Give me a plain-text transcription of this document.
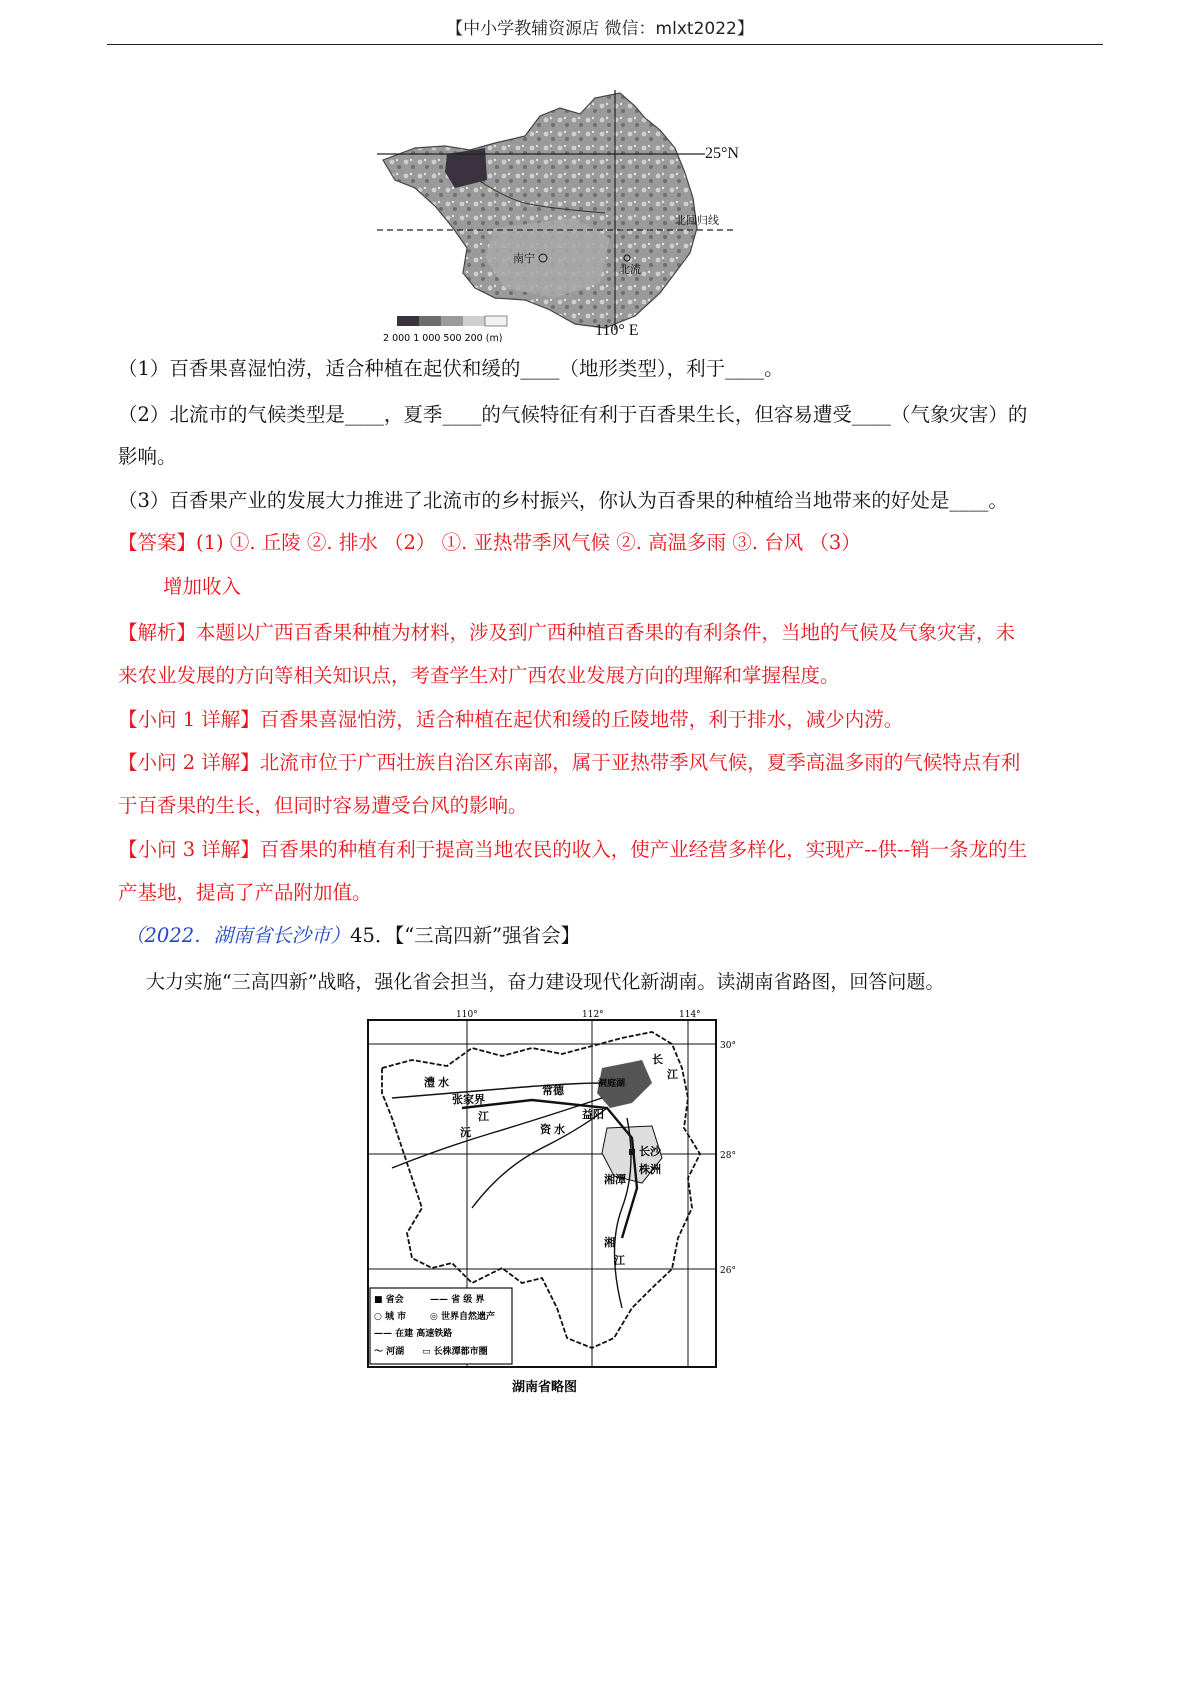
【中小学教辅资源店 微信：mlxt2022】
25°N
北回归线
110° E
南宁
北流
2 000 1 000 500 200 (m)
（1）百香果喜湿怕涝，适合种植在起伏和缓的____（地形类型），利于____。
（2）北流市的气候类型是____，夏季____的气候特征有利于百香果生长，但容易遭受____（气象灾害）的
影响。
（3）百香果产业的发展大力推进了北流市的乡村振兴，你认为百香果的种植给当地带来的好处是____。
【答案】(1) ①. 丘陵 ②. 排水 （2） ①. 亚热带季风气候 ②. 高温多雨 ③. 台风 （3）
增加收入
【解析】本题以广西百香果种植为材料，涉及到广西种植百香果的有利条件，当地的气候及气象灾害，未
来农业发展的方向等相关知识点，考查学生对广西农业发展方向的理解和掌握程度。
【小问 1 详解】百香果喜湿怕涝，适合种植在起伏和缓的丘陵地带，利于排水，减少内涝。
【小问 2 详解】北流市位于广西壮族自治区东南部，属于亚热带季风气候，夏季高温多雨的气候特点有利
于百香果的生长，但同时容易遭受台风的影响。
【小问 3 详解】百香果的种植有利于提高当地农民的收入，使产业经营多样化，实现产--供--销一条龙的生
产基地，提高了产品附加值。
（2022．湖南省长沙市）45．【“三高四新”强省会】
大力实施“三高四新”战略，强化省会担当，奋力建设现代化新湖南。读湖南省路图，回答问题。
110°	112°	114°
30°
28°
26°
张家界
常德
长沙
株洲
湘潭
益阳
澧 水
沅
江
资 水
湘
江
长
江
洞庭湖
■ 省会	—— 省 级 界
○ 城 市	◎ 世界自然遗产
—— 在建 高速铁路
～ 河湖 ▭ 长株潭都市圈
湖南省略图
